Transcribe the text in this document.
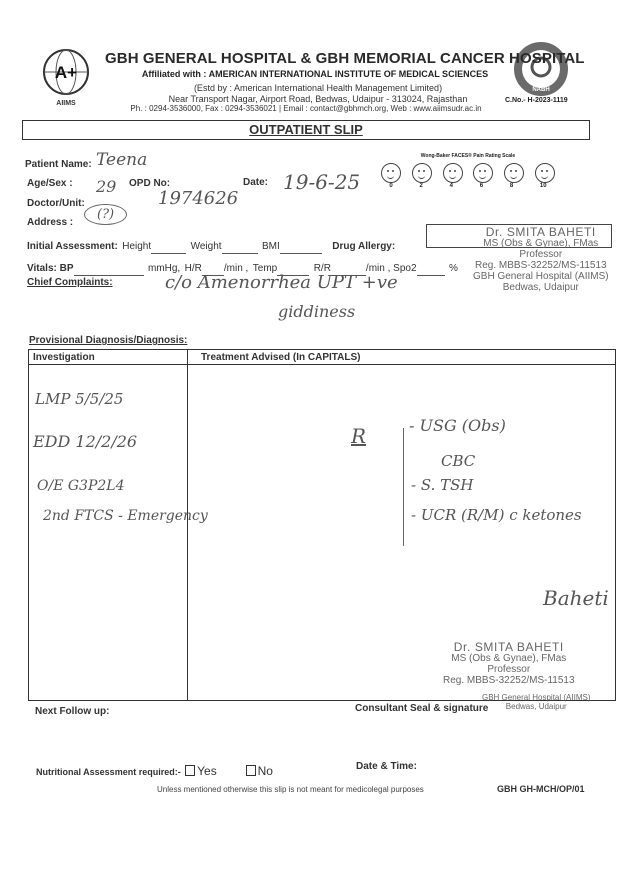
A+
AIIMS
NABH
GBH GENERAL HOSPITAL & GBH MEMORIAL CANCER HOSPITAL
Affiliated with : AMERICAN INTERNATIONAL INSTITUTE OF MEDICAL SCIENCES
(Estd by : American International Health Management Limited)
Near Transport Nagar, Airport Road, Bedwas, Udaipur - 313024, Rajasthan
Ph. : 0294-3536000, Fax : 0294-3536021 | Email : contact@gbhmch.org, Web : www.aiimsudr.ac.in
C.No.- H-2023-1119
OUTPATIENT SLIP
Patient Name: Teena
Age/Sex : 29 OPD No:
1974626
Date: 19-6-25
Doctor/Unit:
Address :
(?)
Wong-Baker FACES® Pain Rating Scale
0	2	4	6	8	10
Initial Assessment: Height	Weight	BMI	Drug Allergy:
Dr. SMITA BAHETI
MS (Obs & Gynae), FMas
Professor
Reg. MBBS-32252/MS-11513
GBH General Hospital (AIIMS)
Bedwas, Udaipur
Vitals: BP	mmHg, H/R /min , Temp	R/R	/min , Spo2	%
Chief Complaints:	c/o Amenorrhea UPT +ve
giddiness
Provisional Diagnosis/Diagnosis:
Investigation	Treatment Advised (In CAPITALS)
LMP 5/5/25
EDD 12/2/26
O/E G3P2L4
2nd FTCS - Emergency
R	- USG (Obs)
CBC
- S. TSH
- UCR (R/M) c ketones
Baheti
Dr. SMITA BAHETI
MS (Obs & Gynae), FMas
Professor
Reg. MBBS-32252/MS-11513
Next Follow up:	Consultant Seal & signature
GBH General Hospital (AIIMS)
Bedwas, Udaipur
Nutritional Assessment required:- Yes	No	Date & Time:
Unless mentioned otherwise this slip is not meant for medicolegal purposes	GBH GH-MCH/OP/01
